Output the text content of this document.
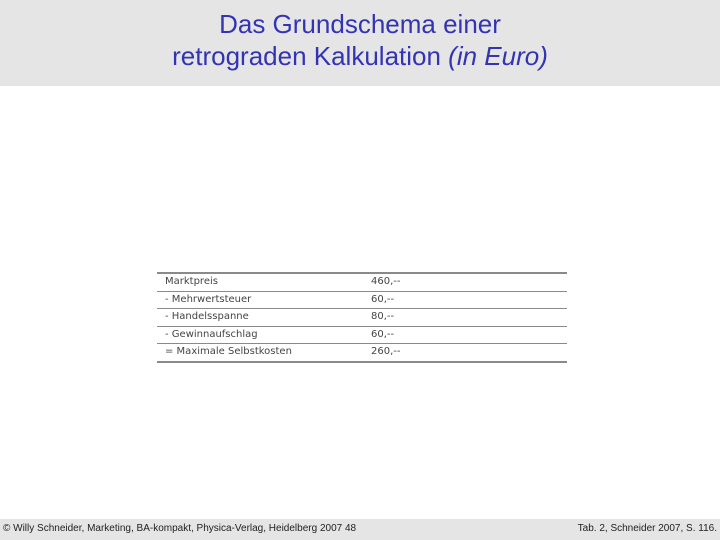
Das Grundschema einer
retrograden Kalkulation (in Euro)
Marktpreis	460,--
- Mehrwertsteuer	60,--
- Handelsspanne	80,--
- Gewinnaufschlag	60,--
= Maximale Selbstkosten	260,--
© Willy Schneider, Marketing, BA-kompakt, Physica-Verlag, Heidelberg 2007 48	Tab. 2, Schneider 2007, S. 116.
